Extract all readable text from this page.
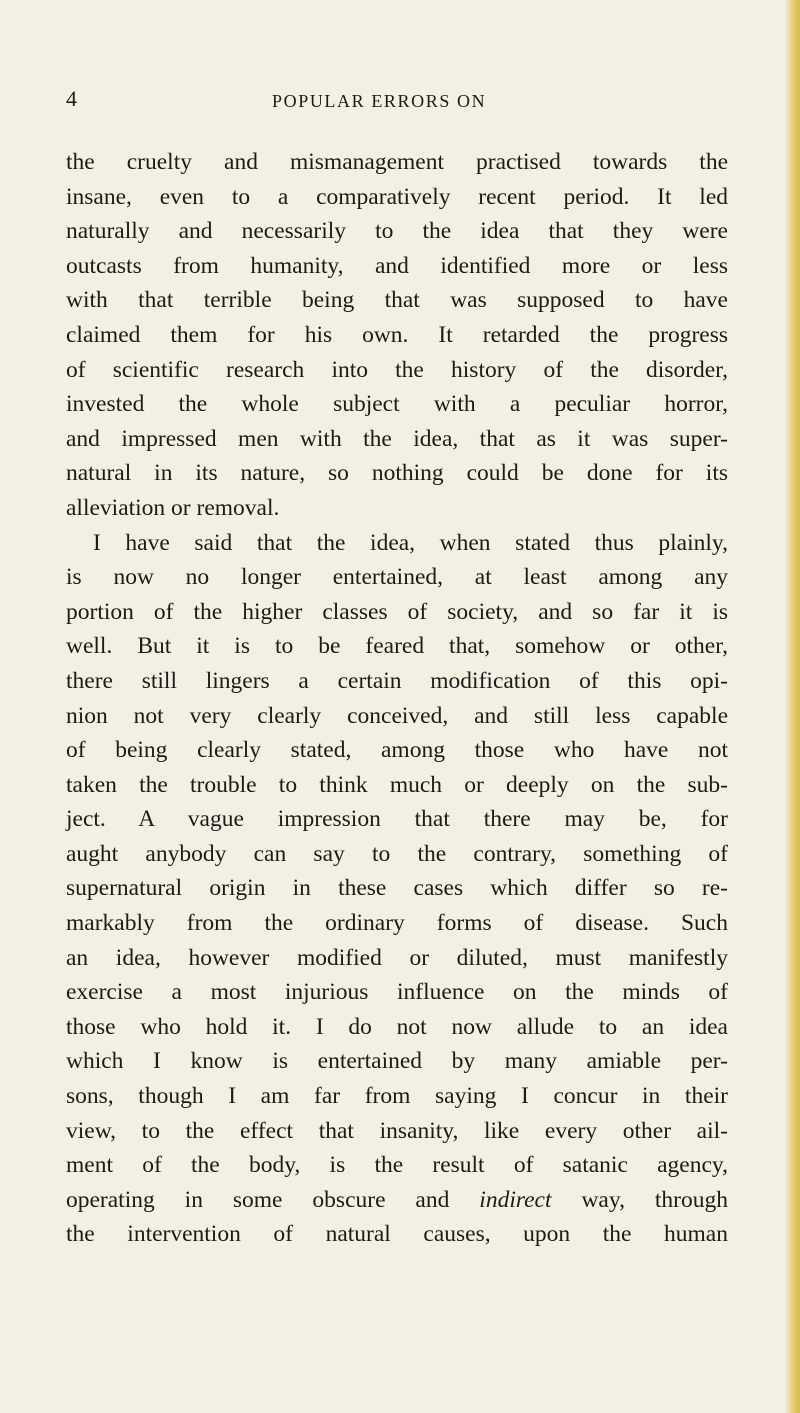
4	POPULAR ERRORS ON
the cruelty and mismanagement practised towards the
insane, even to a comparatively recent period. It led
naturally and necessarily to the idea that they were
outcasts from humanity, and identified more or less
with that terrible being that was supposed to have
claimed them for his own. It retarded the progress
of scientific research into the history of the disorder,
invested the whole subject with a peculiar horror,
and impressed men with the idea, that as it was super-
natural in its nature, so nothing could be done for its
alleviation or removal.
I have said that the idea, when stated thus plainly,
is now no longer entertained, at least among any
portion of the higher classes of society, and so far it is
well. But it is to be feared that, somehow or other,
there still lingers a certain modification of this opi-
nion not very clearly conceived, and still less capable
of being clearly stated, among those who have not
taken the trouble to think much or deeply on the sub-
ject. A vague impression that there may be, for
aught anybody can say to the contrary, something of
supernatural origin in these cases which differ so re-
markably from the ordinary forms of disease. Such
an idea, however modified or diluted, must manifestly
exercise a most injurious influence on the minds of
those who hold it. I do not now allude to an idea
which I know is entertained by many amiable per-
sons, though I am far from saying I concur in their
view, to the effect that insanity, like every other ail-
ment of the body, is the result of satanic agency,
operating in some obscure and indirect way, through
the intervention of natural causes, upon the human
